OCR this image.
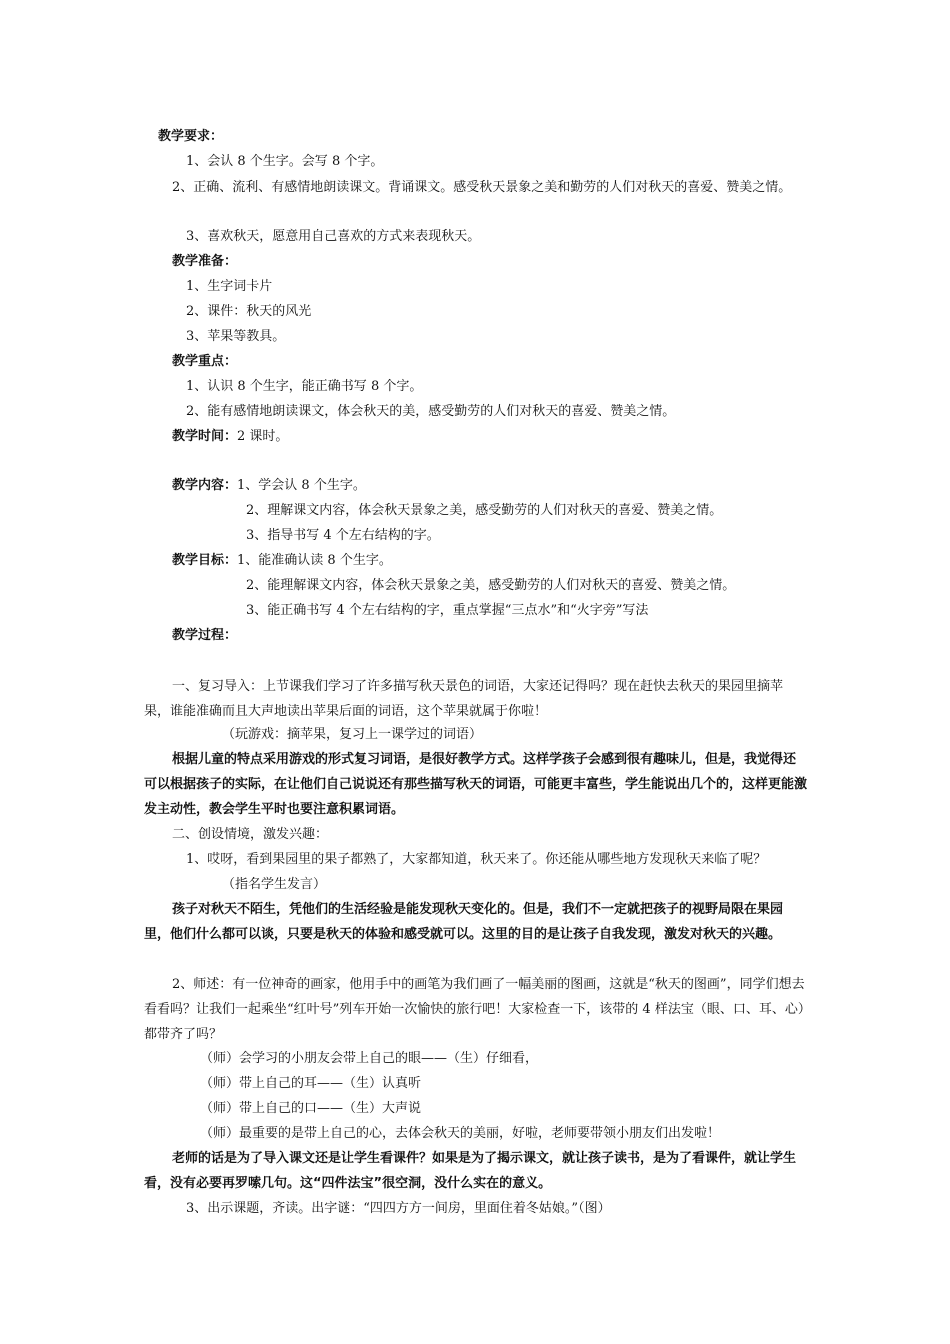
教学要求：
1、会认 8 个生字。会写 8 个字。
2、正确、流利、有感情地朗读课文。背诵课文。感受秋天景象之美和勤劳的人们对秋天的喜爱、赞美之情。
3、喜欢秋天，愿意用自己喜欢的方式来表现秋天。
教学准备：
1、生字词卡片
2、课件：秋天的风光
3、苹果等教具。
教学重点：
1、认识 8 个生字，能正确书写 8 个字。
2、能有感情地朗读课文，体会秋天的美，感受勤劳的人们对秋天的喜爱、赞美之情。
教学时间：2 课时。
教学内容：1、学会认 8 个生字。
2、理解课文内容，体会秋天景象之美，感受勤劳的人们对秋天的喜爱、赞美之情。
3、指导书写 4 个左右结构的字。
教学目标：1、能准确认读 8 个生字。
2、能理解课文内容，体会秋天景象之美，感受勤劳的人们对秋天的喜爱、赞美之情。
3、能正确书写 4 个左右结构的字，重点掌握“三点水”和“火字旁”写法
教学过程：
一、复习导入：上节课我们学习了许多描写秋天景色的词语，大家还记得吗？现在赶快去秋天的果园里摘苹果，谁能准确而且大声地读出苹果后面的词语，这个苹果就属于你啦！
（玩游戏：摘苹果，复习上一课学过的词语）
根据儿童的特点采用游戏的形式复习词语，是很好教学方式。这样学孩子会感到很有趣味儿，但是，我觉得还可以根据孩子的实际，在让他们自己说说还有那些描写秋天的词语，可能更丰富些，学生能说出几个的，这样更能激发主动性，教会学生平时也要注意积累词语。
二、创设情境，激发兴趣：
1、哎呀，看到果园里的果子都熟了，大家都知道，秋天来了。你还能从哪些地方发现秋天来临了呢？
（指名学生发言）
孩子对秋天不陌生，凭他们的生活经验是能发现秋天变化的。但是，我们不一定就把孩子的视野局限在果园里，他们什么都可以谈，只要是秋天的体验和感受就可以。这里的目的是让孩子自我发现，激发对秋天的兴趣。
2、师述：有一位神奇的画家，他用手中的画笔为我们画了一幅美丽的图画，这就是“秋天的图画”，同学们想去看看吗？让我们一起乘坐“红叶号”列车开始一次愉快的旅行吧！大家检查一下，该带的 4 样法宝（眼、口、耳、心）都带齐了吗？
（师）会学习的小朋友会带上自己的眼——（生）仔细看，
（师）带上自己的耳——（生）认真听
（师）带上自己的口——（生）大声说
（师）最重要的是带上自己的心，去体会秋天的美丽，好啦，老师要带领小朋友们出发啦！
老师的话是为了导入课文还是让学生看课件？如果是为了揭示课文，就让孩子读书，是为了看课件，就让学生看，没有必要再罗嗦几句。这“四件法宝”很空洞，没什么实在的意义。
3、出示课题，齐读。出字谜：“四四方方一间房，里面住着冬姑娘。”（图）
